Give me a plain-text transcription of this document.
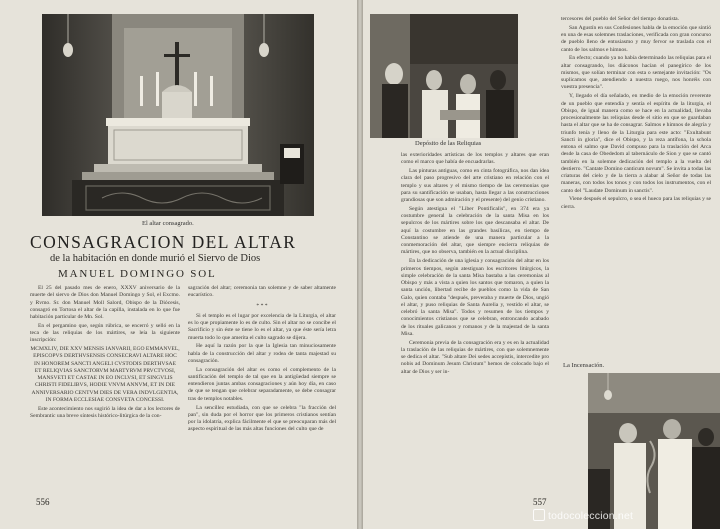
El altar consagrado.
CONSAGRACION DEL ALTAR
de la habitación en donde murió el Siervo de Dios
MANUEL DOMINGO SOL

El 25 del pasado mes de enero, XXXV aniversario de la muerte del siervo de Dios don Manuel Domingo y Sol, el Excmo. y Rvmo. Sr. don Manuel Moll Salord, Obispo de la Diócesis, consagró en Tortosa el altar de la capilla, instalada en lo que fue habitación particular de Mn. Sol.

En el pergamino que, según rúbrica, se encerró y selló en la teca de las reliquias de los mártires, se leía la siguiente inscripción:

MCMXLIV, DIE XXV MENSIS IANVARII, EGO EMMANVEL, EPISCOPVS DERTHVSENSIS CONSECRAVI ALTARE HOC IN HONOREM SANCTI ANGELI CVSTODIS DERTHVSAE ET RELIQVIAS SANCTORVM MARTYRVM PRVCTVOSI, MANSVETI ET CASTAE IN EO INCLVSI, ET SINGVLIS CHRISTI FIDELIBVS, HODIE VNVM ANNVM, ET IN DIE ANNIVERSARIO CENTVM DIES DE VERA INDVLGENTIA, IN FORMA ECCLESIAE CONSVETA CONCESSI.

Este acontecimiento nos sugirió la idea de dar a los lectores de Sembrantic una breve síntesis histórico-litúrgica de la con-

sagración del altar; ceremonia tan solemne y de saber altamente eucarístico.

* * *

Si el templo es el lugar por excelencia de la Liturgia, el altar es lo que propiamente lo es de culto. Sin el altar no se concibe el Sacrificio y sin éste se tiene lo es el altar, ya que éste sería letra muerta todo lo que amerita el culto sagrado se dijera.

He aquí la razón por la que la Iglesia tan minuciosamente habla de la construcción del altar y rodea de tanta majestad su consagración.

La consagración del altar es como el complemento de la santificación del templo de tal que en la antigüedad siempre se entendieron juntas ambas consagraciones y aún hoy día, en caso de que se tengan que celebrar separadamente, se debe consagrar tras de templos notables.

La sencillez estudiada, con que se celebra "la fracción del pan", sin duda por el horror que los primeros cristianos sentían por la idolatría, explica fácilmente el que se preocuparan más del aspecto espiritual de las más altas funciones del culto que de

556
Depósito de las Reliquias

las exterioridades artísticas de los templos y altares que eran como el marco que había de encuadrarlas.

Las pinturas antiguas, como en cinta fotográfica, nos dan idea clara del paso progresivo del arte cristiano en relación con el templo y sus altares y el mismo tiempo de las ceremonias que para su santificación se usaban, hasta llegar a las construcciones grandiosas que son admiración y el presente) del genio cristiano.

Según atestigua el "Liber Pontificalis", en 374 era ya costumbre general la celebración de la santa Misa en los sepulcros de los mártires sobre los que descansaba el altar. De aquí la costumbre en las grandes basílicas, en tiempo de Constantino se atiende de una manera particular a la conmemoración del altar, que siempre encierra reliquias de mártires, que no observa, también en la actual disciplina.

En la dedicación de una iglesia y consagración del altar en los primeros tiempos, según atestiguan los escritores litúrgicos, la simple celebración de la santa Misa bastaba a las ceremonias al Obispo y más a vista a quien los santos que tomaron, a quien la santa unción, libertad recibe de pueblos como la vida de San Galo, quien contaba "después, preveraba y muerte de Dios, ungió el altar, y puso reliquias de Santa Aurelia y, vestido el altar, se celebró la santa Misa". Todos y resumen de los tiempos y conocimientos cristianos que se celebran, entroncando acabado de los rituales galicanos y romanos y de la majestad de la santa Misa.

Ceremonia previa de la consagración era y es en la actualidad la traslación de las reliquias de mártires, con que solemnemente se dedica el altar. "Sub altare Dei sedes accepistis, intercedite pro nobis ad Dominum Jesum Christum" hemos de colocado bajo el altar de Dios y ser in-

tercesores del pueblo del Señor del tiempo donatista.

San Agustín en sus Confesiones habla de la emoción que sintió en una de esas solemnes traslaciones, verificada con gran concurso de pueblo lleno de entusiasmo y muy fervor se traslada con el canto de los salmos e himnos.

En efecto; cuando ya no había determinado las reliquias para el altar consagrando, los diáconos hacían el panegírico de los mismos, que solían terminar con esta o semejante invitación: "Os suplicamos que, atendiendo a nuestra ruego, nos honréis con vuestra presencia".

Y, llegado el día señalado, en medio de la emoción reverente de un pueblo que entendía y sentía el espíritu de la liturgia, el Obispo, de igual manera como se hace en la actualidad, llevaba procesionalmente las reliquias desde el sitio en que se guardaban hasta el altar que se ha de consagrar. Salmos e himnos de alegría y triunfo tenía y lleno de la Liturgia para este acto: "Exultabunt Sancti in gloria", dice el Obispo, y la reza antífona, la schola entona el salmo que David compuso para la traslación del Arca desde la casa de Obededom al tabernáculo de Sion y que se cantó también en la solemne dedicación del templo a la vuelta del destierro. "Cantate Domino canticum novum". Se invita a todas las criaturas del cielo y de la tierra a alabar al Señor de todas las maneras, con todos los tonos y con todos los instrumentos, con el canto del "Laudate Dominum in sanctis".

Viene después el sepulcro, o sea el hueco para las reliquias y se cierra.

La Incensación.
557
todocoleccion.net
